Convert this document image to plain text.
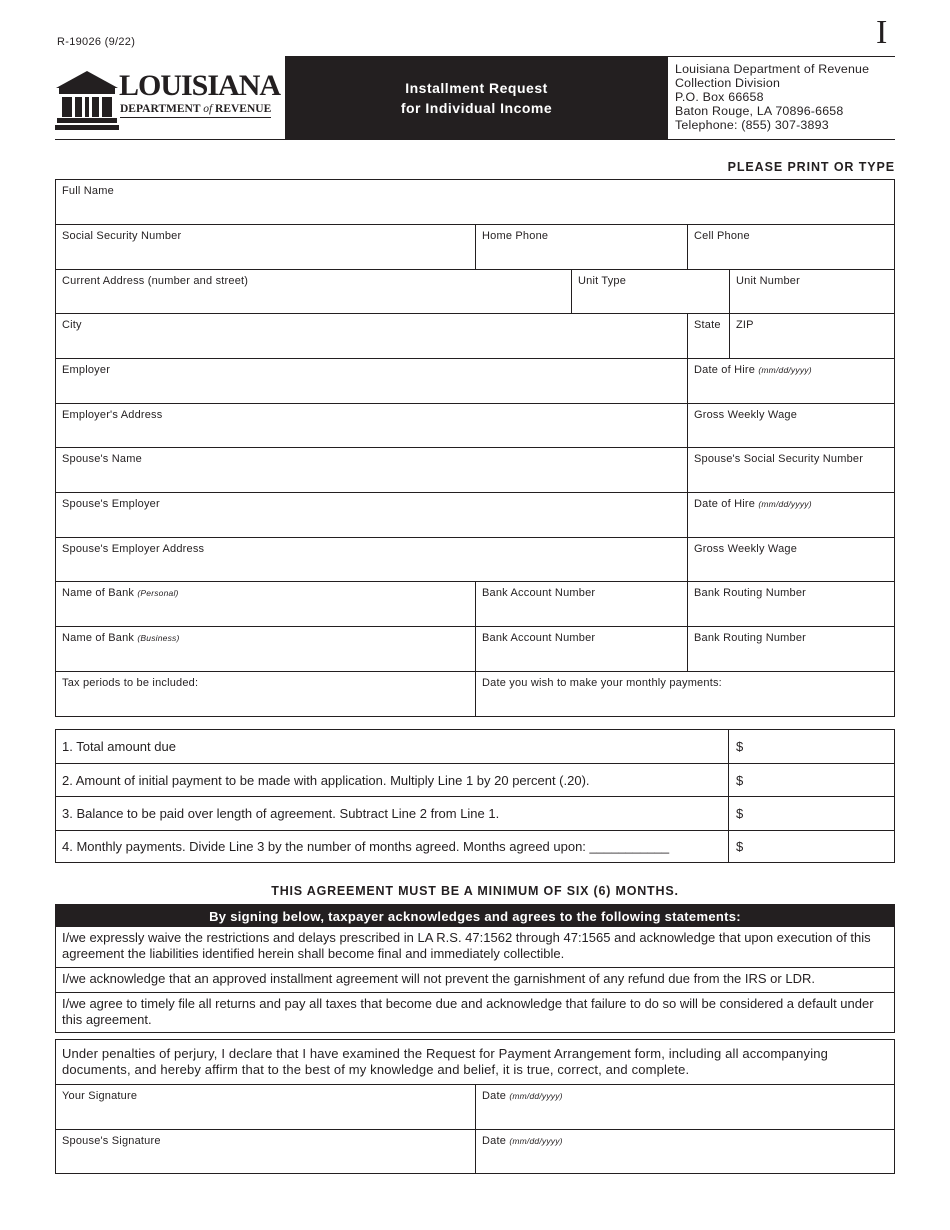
R-19026 (9/22)	I
LOUISIANA
DEPARTMENT of REVENUE
Installment Request
for Individual Income
Louisiana Department of Revenue
Collection Division
P.O. Box 66658
Baton Rouge, LA 70896-6658
Telephone: (855) 307-3893
PLEASE PRINT OR TYPE
Full Name
Social Security Number	Home Phone	Cell Phone
Current Address (number and street)	Unit Type	Unit Number
City	State	ZIP
Employer	Date of Hire (mm/dd/yyyy)
Employer's Address	Gross Weekly Wage
Spouse's Name	Spouse's Social Security Number
Spouse's Employer	Date of Hire (mm/dd/yyyy)
Spouse's Employer Address	Gross Weekly Wage
Name of Bank (Personal)	Bank Account Number	Bank Routing Number
Name of Bank (Business)	Bank Account Number	Bank Routing Number
Tax periods to be included:	Date you wish to make your monthly payments:
1. Total amount due	$
2. Amount of initial payment to be made with application. Multiply Line 1 by 20 percent (.20).	$
3. Balance to be paid over length of agreement. Subtract Line 2 from Line 1.	$
4. Monthly payments. Divide Line 3 by the number of months agreed. Months agreed upon: ___________	$
THIS AGREEMENT MUST BE A MINIMUM OF SIX (6) MONTHS.
By signing below, taxpayer acknowledges and agrees to the following statements:
I/we expressly waive the restrictions and delays prescribed in LA R.S. 47:1562 through 47:1565 and acknowledge that upon execution of this agreement the liabilities identified herein shall become final and immediately collectible.
I/we acknowledge that an approved installment agreement will not prevent the garnishment of any refund due from the IRS or LDR.
I/we agree to timely file all returns and pay all taxes that become due and acknowledge that failure to do so will be considered a default under this agreement.
Under penalties of perjury, I declare that I have examined the Request for Payment Arrangement form, including all accompanying documents, and hereby affirm that to the best of my knowledge and belief, it is true, correct, and complete.
Your Signature	Date (mm/dd/yyyy)
Spouse's Signature	Date (mm/dd/yyyy)
